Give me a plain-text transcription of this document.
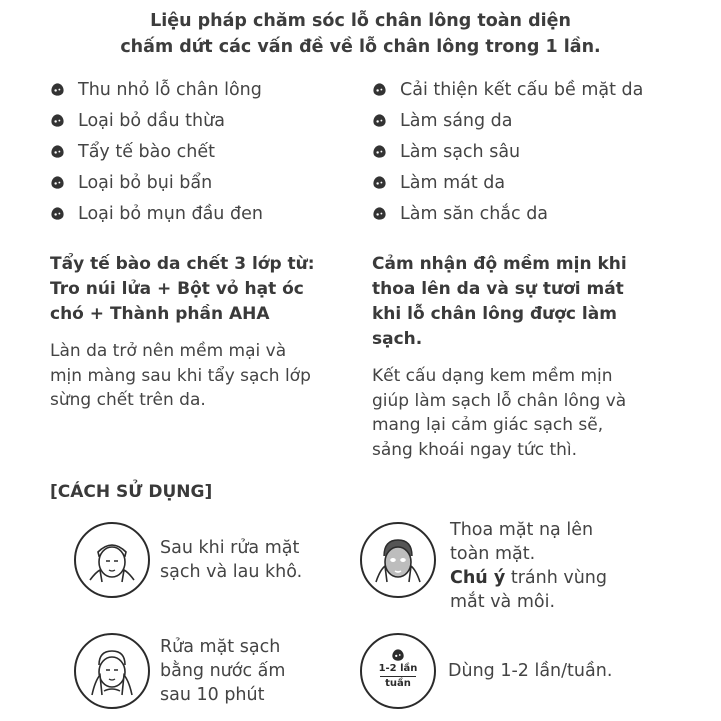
Liệu pháp chăm sóc lỗ chân lông toàn diện
chấm dứt các vấn đề về lỗ chân lông trong 1 lần.
Thu nhỏ lỗ chân lông
Loại bỏ dầu thừa
Tẩy tế bào chết
Loại bỏ bụi bẩn
Loại bỏ mụn đầu đen
Cải thiện kết cấu bề mặt da
Làm sáng da
Làm sạch sâu
Làm mát da
Làm săn chắc da
Tẩy tế bào da chết 3 lớp từ:
Tro núi lửa + Bột vỏ hạt óc
chó + Thành phần AHA
Làn da trở nên mềm mại và
mịn màng sau khi tẩy sạch lớp
sừng chết trên da.
Cảm nhận độ mềm mịn khi
thoa lên da và sự tươi mát
khi lỗ chân lông được làm
sạch.
Kết cấu dạng kem mềm mịn
giúp làm sạch lỗ chân lông và
mang lại cảm giác sạch sẽ,
sảng khoái ngay tức thì.
[CÁCH SỬ DỤNG]
Sau khi rửa mặt
sạch và lau khô.
Thoa mặt nạ lên
toàn mặt.
Chú ý tránh vùng
mắt và môi.
Rửa mặt sạch
bằng nước ấm
sau 10 phút
1-2 lần
tuần
Dùng 1-2 lần/tuần.
